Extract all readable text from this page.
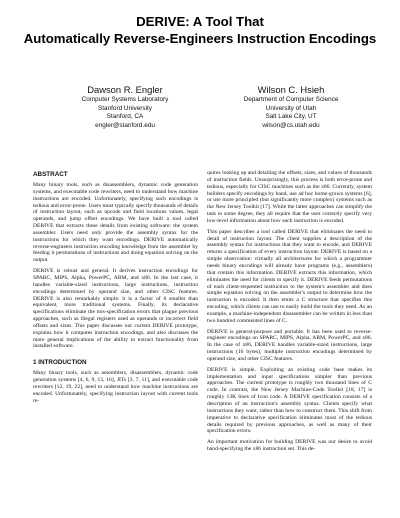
DERIVE: A Tool That
Automatically Reverse-Engineers Instruction Encodings
Dawson R. Engler
Computer Systems Laboratory
Stanford University
Stanford, CA
engler@stanford.edu
Wilson C. Hsieh
Department of Computer Science
University of Utah
Salt Lake City, UT
wilson@cs.utah.edu
ABSTRACT

Many binary tools, such as disassemblers, dynamic code generation systems, and executable code rewriters, need to understand how machine instructions are encoded. Unfortunately, specifying such encodings is tedious and error-prone. Users must typically specify thousands of details of instruction layout, such as opcode and field locations values, legal operands, and jump offset encodings. We have built a tool called DERIVE that extracts these details from existing software: the system assembler. Users need only provide the assembly syntax for the instructions for which they want encodings. DERIVE automatically reverse-engineers instruction encoding knowledge from the assembler by feeding it permutations of instructions and doing equation solving on the output.

DERIVE is robust and general. It derives instruction encodings for SPARC, MIPS, Alpha, PowerPC, ARM, and x86. In the last case, it handles variable-sized instructions, large instructions, instruction encodings determined by operand size, and other CISC features. DERIVE is also remarkably simple: it is a factor of 6 smaller than equivalent, more traditional systems. Finally, its declarative specifications eliminate the mis-specification errors that plague previous approaches, such as illegal registers used as operands or incorrect field offsets and sizes. This paper discusses our current DERIVE prototype, explains how it computes instruction encodings, and also discusses the more general implications of the ability to extract functionality from installed software.

1 INTRODUCTION

Many binary tools, such as assemblers, disassemblers, dynamic code generation systems [4, 6, 9, 13, 16], JITs [3, 7, 11], and executable code rewriters [12, 19, 22], need to understand how machine instructions are encoded. Unfortunately, specifying instruction layout with current tools re-

quires looking up and detailing the offsets, sizes, and values of thousands of instruction fields. Unsurprisingly, this process is both error-prone and tedious, especially for CISC machines such as the x86. Currently, system builders specify encodings by hand, use ad hoc home-grown systems [6], or use more principled (but significantly more complex) systems such as the New Jersey Toolkit [17]. While the latter approaches can simplify the task to some degree, they all require that the user correctly specify very low-level information about how each instruction is encoded.

This paper describes a tool called DERIVE that eliminates the need to detail of instruction layout. The client supplies a description of the assembly syntax for instructions that they want to encode, and DERIVE returns a specification of every instruction layout. DERIVE is based on a simple observation: virtually all architectures for which a programmer needs binary encodings will already have programs (e.g., assemblers) that contain this information. DERIVE extracts this information, which eliminates the need for clients to specify it. DERIVE feeds permutations of each client-requested instruction to the system's assembler and does simple equation solving on the assembler's output to determine how the instruction is encoded. It then emits a C structure that specifies this encoding, which clients can use to easily build the tools they need. As an example, a machine-independent disassembler can be written in less than two hundred commented lines of C.

DERIVE is general-purpose and portable. It has been used to reverse-engineer encodings on SPARC, MIPS, Alpha, ARM, PowerPC, and x86. In the case of x86, DERIVE handles variable-sized instructions, large instructions (16 bytes), multiple instruction encodings determined by operand size, and other CISC features.

DERIVE is simple. Exploiting an existing code base makes its implementation and input specifications simpler than previous approaches. The current prototype is roughly two thousand lines of C code. In contrast, the New Jersey Machine-Code Toolkit [18, 17] is roughly 13K lines of Icon code. A DERIVE specification consists of a description of an instruction's assembly syntax. Clients specify what instructions they want, rather than how to construct them. This shift from imperative to declarative specification eliminates most of the tedious details required by previous approaches, as well as many of their specification errors.

An important motivation for building DERIVE was our desire to avoid hand-specifying the x86 instruction set. This de-
